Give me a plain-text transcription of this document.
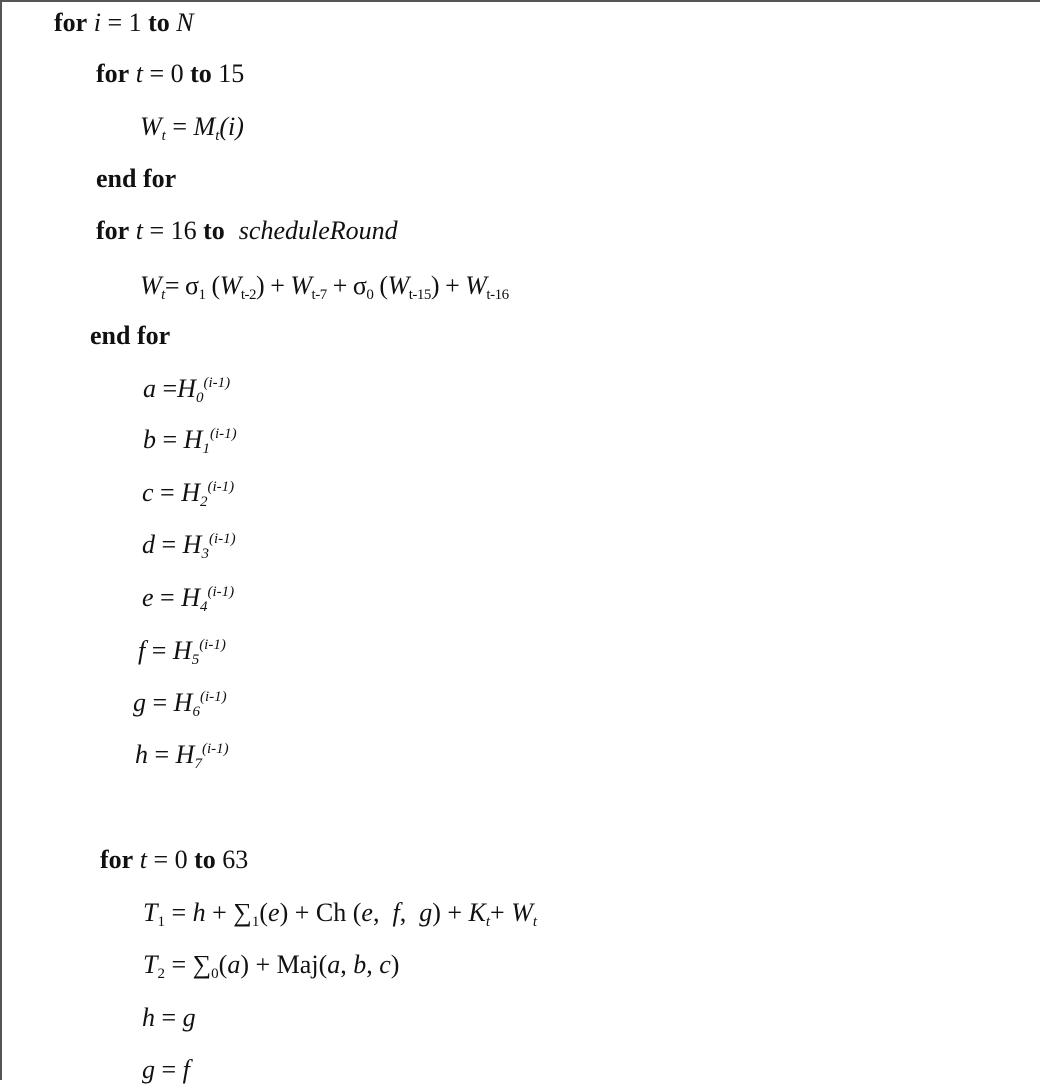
for i = 1 to N
for t = 0 to 15
$W_t = M_t(i)$
end for
for t = 16 to scheduleRound
$W_t= \sigma_1$ $(W_{t-2}) + W_{t-7} + \sigma_0$ $(W_{t-15}) + W_{t-16}$
end for
$a =H_0^{(i-1)}$
$b = H_1^{(i-1)}$
$c = H_2^{(i-1)}$
$d = H_3^{(i-1)}$
$e = H_4^{(i-1)}$
$f = H_5^{(i-1)}$
$g = H_6^{(i-1)}$
$h = H_7^{(i-1)}$
for t = 0 to 63
$T_1 = h + \sum_1(e) + Ch$ (e,  f,  $g) + K_t+ W_t$
$T_2 = \sum_0(a) + Maj(a$, b, c)
h = g
g = f
